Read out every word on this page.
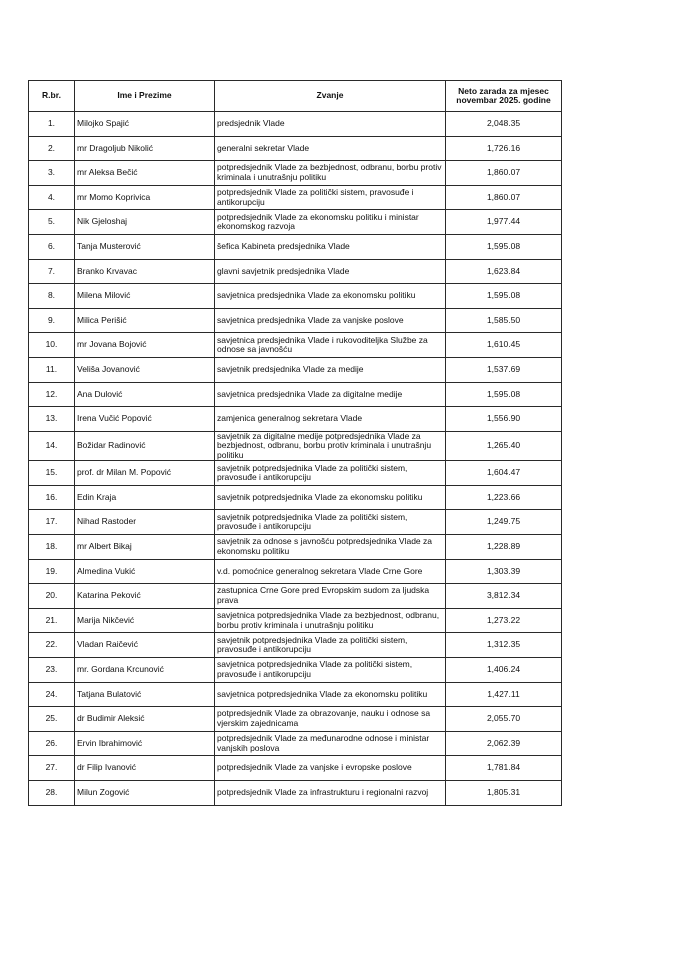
R.br.	Ime i Prezime	Zvanje	Neto zarada za mjesec novembar 2025. godine
1.	Milojko Spajić	predsjednik Vlade	2,048.35
2.	mr Dragoljub Nikolić	generalni sekretar Vlade	1,726.16
3.	mr Aleksa Bečić	potpredsjednik Vlade za bezbjednost, odbranu, borbu protiv kriminala i unutrašnju politiku	1,860.07
4.	mr Momo Koprivica	potpredsjednik Vlade za politički sistem, pravosuđe i antikorupciju	1,860.07
5.	Nik Gjeloshaj	potpredsjednik Vlade za ekonomsku politiku i ministar ekonomskog razvoja	1,977.44
6.	Tanja Musterović	šefica Kabineta predsjednika Vlade	1,595.08
7.	Branko Krvavac	glavni savjetnik predsjednika Vlade	1,623.84
8.	Milena Milović	savjetnica predsjednika Vlade za ekonomsku politiku	1,595.08
9.	Milica Perišić	savjetnica predsjednika Vlade za vanjske poslove	1,585.50
10.	mr Jovana Bojović	savjetnica predsjednika Vlade i rukovoditeljka Službe za odnose sa javnošću	1,610.45
11.	Veliša Jovanović	savjetnik predsjednika Vlade za medije	1,537.69
12.	Ana Dulović	savjetnica predsjednika Vlade za digitalne medije	1,595.08
13.	Irena Vučić Popović	zamjenica generalnog sekretara Vlade	1,556.90
14.	Božidar Radinović	savjetnik za digitalne medije potpredsjednika Vlade za bezbjednost, odbranu, borbu protiv kriminala i unutrašnju politiku	1,265.40
15.	prof. dr Milan M. Popović	savjetnik potpredsjednika Vlade za politički sistem, pravosuđe i antikorupciju	1,604.47
16.	Edin Kraja	savjetnik potpredsjednika Vlade za ekonomsku politiku	1,223.66
17.	Nihad Rastoder	savjetnik potpredsjednika Vlade za politički sistem, pravosuđe i antikorupciju	1,249.75
18.	mr Albert Bikaj	savjetnik za odnose s javnošću potpredsjednika Vlade za ekonomsku politiku	1,228.89
19.	Almedina Vukić	v.d. pomoćnice generalnog sekretara Vlade Crne Gore	1,303.39
20.	Katarina Peković	zastupnica Crne Gore pred Evropskim sudom za ljudska prava	3,812.34
21.	Marija Nikčević	savjetnica potpredsjednika Vlade za bezbjednost, odbranu, borbu protiv kriminala i unutrašnju politiku	1,273.22
22.	Vladan Raičević	savjetnik potpredsjednika Vlade za politički sistem, pravosuđe i antikorupciju	1,312.35
23.	mr. Gordana Krcunović	savjetnica potpredsjednika Vlade za politički sistem, pravosuđe i antikorupciju	1,406.24
24.	Tatjana Bulatović	savjetnica potpredsjednika Vlade za ekonomsku politiku	1,427.11
25.	dr Budimir Aleksić	potpredsjednik Vlade za obrazovanje, nauku i odnose sa vjerskim zajednicama	2,055.70
26.	Ervin Ibrahimović	potpredsjednik Vlade za međunarodne odnose i ministar vanjskih poslova	2,062.39
27.	dr Filip Ivanović	potpredsjednik Vlade za vanjske i evropske poslove	1,781.84
28.	Milun Zogović	potpredsjednik Vlade za infrastrukturu i regionalni razvoj	1,805.31
